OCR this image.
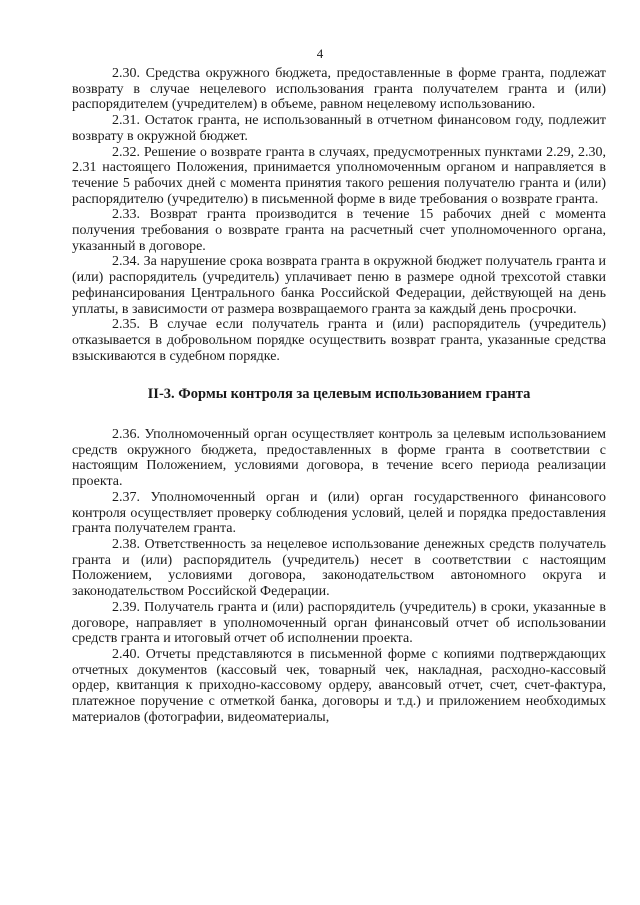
4

2.30. Средства окружного бюджета, предоставленные в форме гранта, подлежат возврату в случае нецелевого использования гранта получателем гранта и (или) распорядителем (учредителем) в объеме, равном нецелевому использованию.

2.31. Остаток гранта, не использованный в отчетном финансовом году, подлежит возврату в окружной бюджет.

2.32. Решение о возврате гранта в случаях, предусмотренных пунктами 2.29, 2.30, 2.31 настоящего Положения, принимается уполномоченным органом и направляется в течение 5 рабочих дней с момента принятия такого решения получателю гранта и (или) распорядителю (учредителю) в письменной форме в виде требования о возврате гранта.

2.33. Возврат гранта производится в течение 15 рабочих дней с момента получения требования о возврате гранта на расчетный счет уполномоченного органа, указанный в договоре.

2.34. За нарушение срока возврата гранта в окружной бюджет получатель гранта и (или) распорядитель (учредитель) уплачивает пеню в размере одной трехсотой ставки рефинансирования Центрального банка Российской Федерации, действующей на день уплаты, в зависимости от размера возвращаемого гранта за каждый день просрочки.

2.35. В случае если получатель гранта и (или) распорядитель (учредитель) отказывается в добровольном порядке осуществить возврат гранта, указанные средства взыскиваются в судебном порядке.

II-3. Формы контроля за целевым использованием гранта

2.36. Уполномоченный орган осуществляет контроль за целевым использованием средств окружного бюджета, предоставленных в форме гранта в соответствии с настоящим Положением, условиями договора, в течение всего периода реализации проекта.

2.37. Уполномоченный орган и (или) орган государственного финансового контроля осуществляет проверку соблюдения условий, целей и порядка предоставления гранта получателем гранта.

2.38. Ответственность за нецелевое использование денежных средств получатель гранта и (или) распорядитель (учредитель) несет в соответствии с настоящим Положением, условиями договора, законодательством автономного округа и законодательством Российской Федерации.

2.39. Получатель гранта и (или) распорядитель (учредитель) в сроки, указанные в договоре, направляет в уполномоченный орган финансовый отчет об использовании средств гранта и итоговый отчет об исполнении проекта.

2.40. Отчеты представляются в письменной форме с копиями подтверждающих отчетных документов (кассовый чек, товарный чек, накладная, расходно-кассовый ордер, квитанция к приходно-кассовому ордеру, авансовый отчет, счет, счет-фактура, платежное поручение с отметкой банка, договоры и т.д.) и приложением необходимых материалов (фотографии, видеоматериалы,
